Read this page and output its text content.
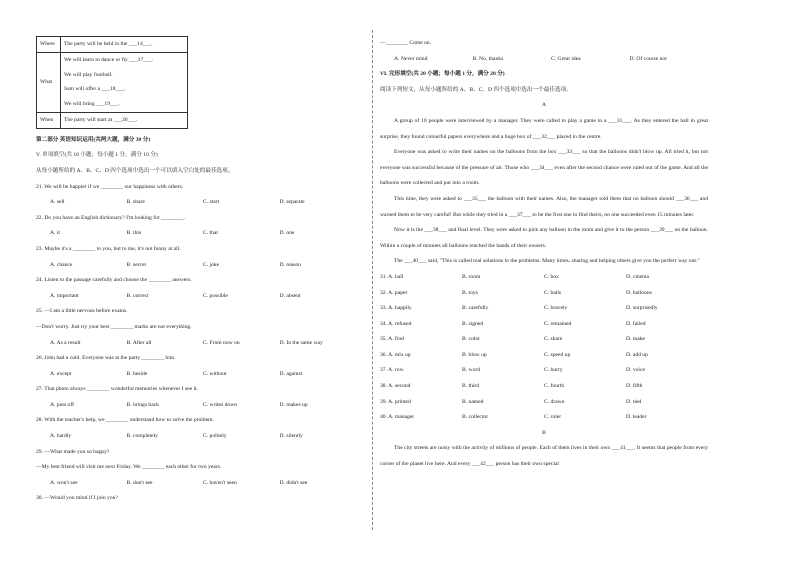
Where	The party will be held in the ___14___.

What	We will learn to dance or fly ___17___.
We will play football.
Sam will offer a ___18___.
We will bring ___19___.

When	The party will start at ___20___.
第二部分 英语知识运用(共两大题，满分 30 分)
V. 单项填空(共 10 小题；每小题 1 分，满分 10 分)
从每小题所给的 A、B、C、D 四个选项中选出一个可以填入空白处的最佳选项。
21. We will be happier if we ________ our happiness with others.
A. sell	B. share	C. start	D. separate
22. Do you have an English dictionary? I'm looking for ________.
A. it	B. this	C. that	D. one
23. Maybe it's a ________ to you, but to me, it's not funny at all.
A. chance	B. secret	C. joke	D. reason
24. Listen to the passage carefully and choose the ________ answers.
A. important	B. correct	C. possible	D. absent
25. —I am a little nervous before exams.
—Don't worry. Just try your best ________ marks are not everything.
A. As a result	B. After all	C. From now on	D. In the same way
26. John had a cold. Everyone was at the party ________ him.
A. except	B. beside	C. without	D. against
27. That photo always ________ wonderful memories whenever I see it.
A. puts off	B. brings back	C. writes down	D. makes up
28. With the teacher's help, we ________ understand how to solve the problem.
A. hardly	B. completely	C. politely	D. silently
29. —What made you so happy?
—My best friend will visit me next Friday. We ________ each other for two years.
A. won't see	B. don't see	C. haven't seen	D. didn't see
30. —Would you mind if I join you?
—________ Come on.
A. Never mind	B. No, thanks	C. Great idea	D. Of course not
VI. 完形填空(共 20 小题；每小题 1 分，满分 20 分)
阅读下列短文，从每小题所给的 A、B、C、D 四个选项中选出一个最佳选项。
A
A group of 10 people were interviewed by a manager. They were called to play a game in a ___31___. As they entered the hall in great surprise, they found colourful papers everywhere and a huge box of ___32___ placed in the centre.
Everyone was asked to write their names on the balloons from the box ___33___ so that the balloons didn't blow up. All tried it, but not everyone was successful because of the pressure of air. Those who ___34___ even after the second chance were ruled out of the game. And all the balloons were collected and put into a room.
This time, they were asked to ___35___ the balloon with their names. Also, the manager told them that no balloon should ___36___ and warned them to be very careful! But while they tried in a ___37___ to be the first one to find theirs, no one succeeded even 15 minutes later.
Now it is the ___38___ and final level. They were asked to pick any balloon in the room and give it to the person ___39___ on the balloon. Within a couple of minutes all balloons reached the hands of their owners.
The ___40___ said, "This is called real solutions to the problems. Many times, sharing and helping others give you the perfect way out."
31. A. hall	B. room	C. box	D. cinema
32. A. paper	B. toys	C. balls	D. balloons
33. A. happily	B. carefully	C. bravely	D. surprisedly
34. A. refused	B. signed	C. remained	D. failed
35. A. find	B. color	C. share	D. make
36. A. mix up	B. blow up	C. speed up	D. add up
37. A. row	B. word	C. hurry	D. voice
38. A. second	B. third	C. fourth	D. fifth
39. A. printed	B. named	C. drawn	D. tied
40. A. manager	B. collector	C. ruler	D. leader
B
The city streets are noisy with the activity of millions of people. Each of them lives in their own ___41___. It seems that people from every corner of the planet live here. And every ___42___ person has their own special
